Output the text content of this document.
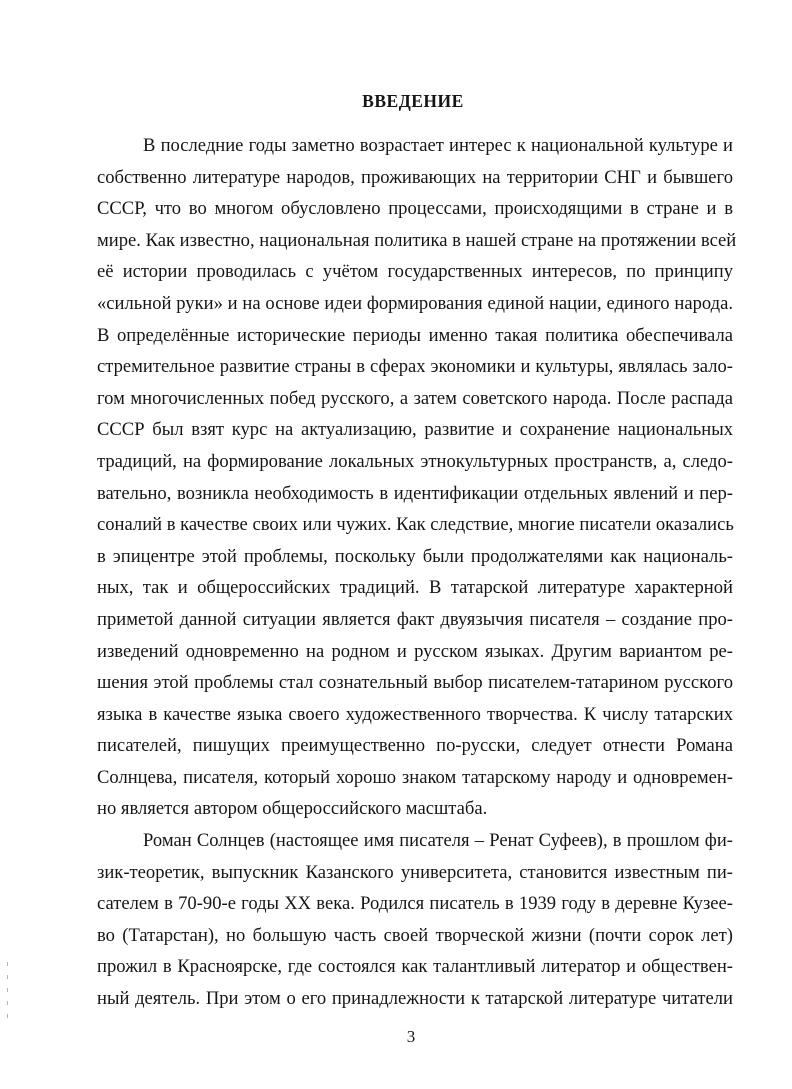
ВВЕДЕНИЕ

В последние годы заметно возрастает интерес к национальной культуре и

собственно литературе народов, проживающих на территории СНГ и бывшего

СССР, что во многом обусловлено процессами, происходящими в стране и в

мире. Как известно, национальная политика в нашей стране на протяжении всей

её истории проводилась с учётом государственных интересов, по принципу

«сильной руки» и на основе идеи формирования единой нации, единого народа.

В определённые исторические периоды именно такая политика обеспечивала

стремительное развитие страны в сферах экономики и культуры, являлась зало-

гом многочисленных побед русского, а затем советского народа. После распада

СССР был взят курс на актуализацию, развитие и сохранение национальных

традиций, на формирование локальных этнокультурных пространств, а, следо-

вательно, возникла необходимость в идентификации отдельных явлений и пер-

соналий в качестве своих или чужих. Как следствие, многие писатели оказались

в эпицентре этой проблемы, поскольку были продолжателями как националь-

ных, так и общероссийских традиций. В татарской литературе характерной

приметой данной ситуации является факт двуязычия писателя – создание про-

изведений одновременно на родном и русском языках. Другим вариантом ре-

шения этой проблемы стал сознательный выбор писателем-татарином русского

языка в качестве языка своего художественного творчества. К числу татарских

писателей, пишущих преимущественно по-русски, следует отнести Романа

Солнцева, писателя, который хорошо знаком татарскому народу и одновремен-

но является автором общероссийского масштаба.

Роман Солнцев (настоящее имя писателя – Ренат Суфеев), в прошлом фи-

зик-теоретик, выпускник Казанского университета, становится известным пи-

сателем в 70-90-е годы XX века. Родился писатель в 1939 году в деревне Кузее-

во (Татарстан), но большую часть своей творческой жизни (почти сорок лет)

прожил в Красноярске, где состоялся как талантливый литератор и обществен-

ный деятель. При этом о его принадлежности к татарской литературе читатели

3
